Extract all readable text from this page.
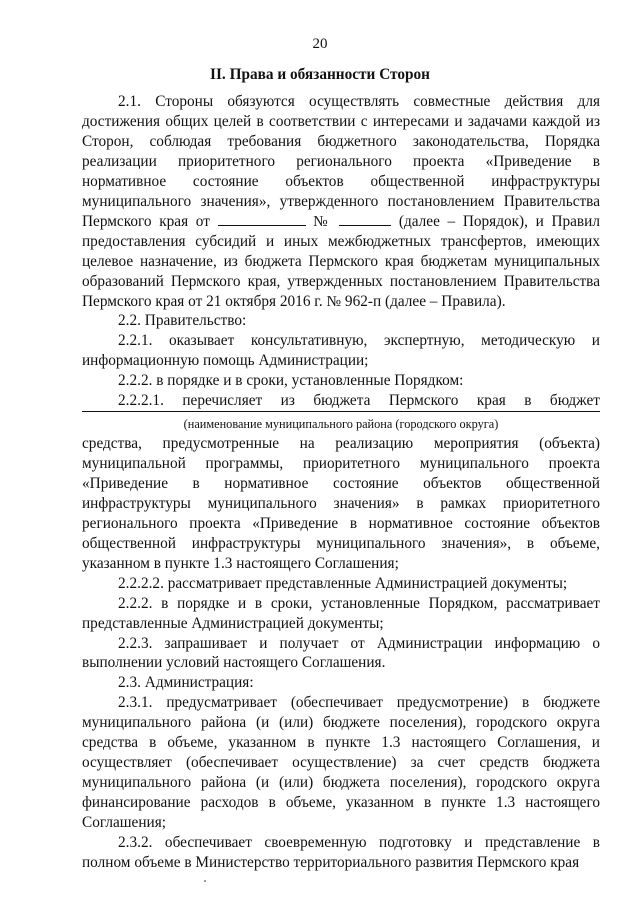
20
II. Права и обязанности Сторон

2.1. Стороны обязуются осуществлять совместные действия для достижения общих целей в соответствии с интересами и задачами каждой из Сторон, соблюдая требования бюджетного законодательства, Порядка реализации приоритетного регионального проекта «Приведение в нормативное состояние объектов общественной инфраструктуры муниципального значения», утвержденного постановлением Правительства Пермского края от	№	(далее – Порядок), и Правил предоставления субсидий и иных межбюджетных трансфертов, имеющих целевое назначение, из бюджета Пермского края бюджетам муниципальных образований Пермского края, утвержденных постановлением Правительства Пермского края от 21 октября 2016 г. № 962-п (далее – Правила).

2.2. Правительство:

2.2.1. оказывает консультативную, экспертную, методическую и информационную помощь Администрации;

2.2.2. в порядке и в сроки, установленные Порядком:

2.2.2.1. перечисляет из бюджета Пермского края в бюджет

(наименование муниципального района (городского округа)

средства, предусмотренные на реализацию мероприятия (объекта) муниципальной программы, приоритетного муниципального проекта «Приведение в нормативное состояние объектов общественной инфраструктуры муниципального значения» в рамках приоритетного регионального проекта «Приведение в нормативное состояние объектов общественной инфраструктуры муниципального значения», в объеме, указанном в пункте 1.3 настоящего Соглашения;

2.2.2.2. рассматривает представленные Администрацией документы;

2.2.2. в порядке и в сроки, установленные Порядком, рассматривает представленные Администрацией документы;

2.2.3. запрашивает и получает от Администрации информацию о выполнении условий настоящего Соглашения.

2.3. Администрация:

2.3.1. предусматривает (обеспечивает предусмотрение) в бюджете муниципального района (и (или) бюджете поселения), городского округа средства в объеме, указанном в пункте 1.3 настоящего Соглашения, и осуществляет (обеспечивает осуществление) за счет средств бюджета муниципального района (и (или) бюджета поселения), городского округа финансирование расходов в объеме, указанном в пункте 1.3 настоящего Соглашения;

2.3.2. обеспечивает своевременную подготовку и представление в полном объеме в Министерство территориального развития Пермского края
